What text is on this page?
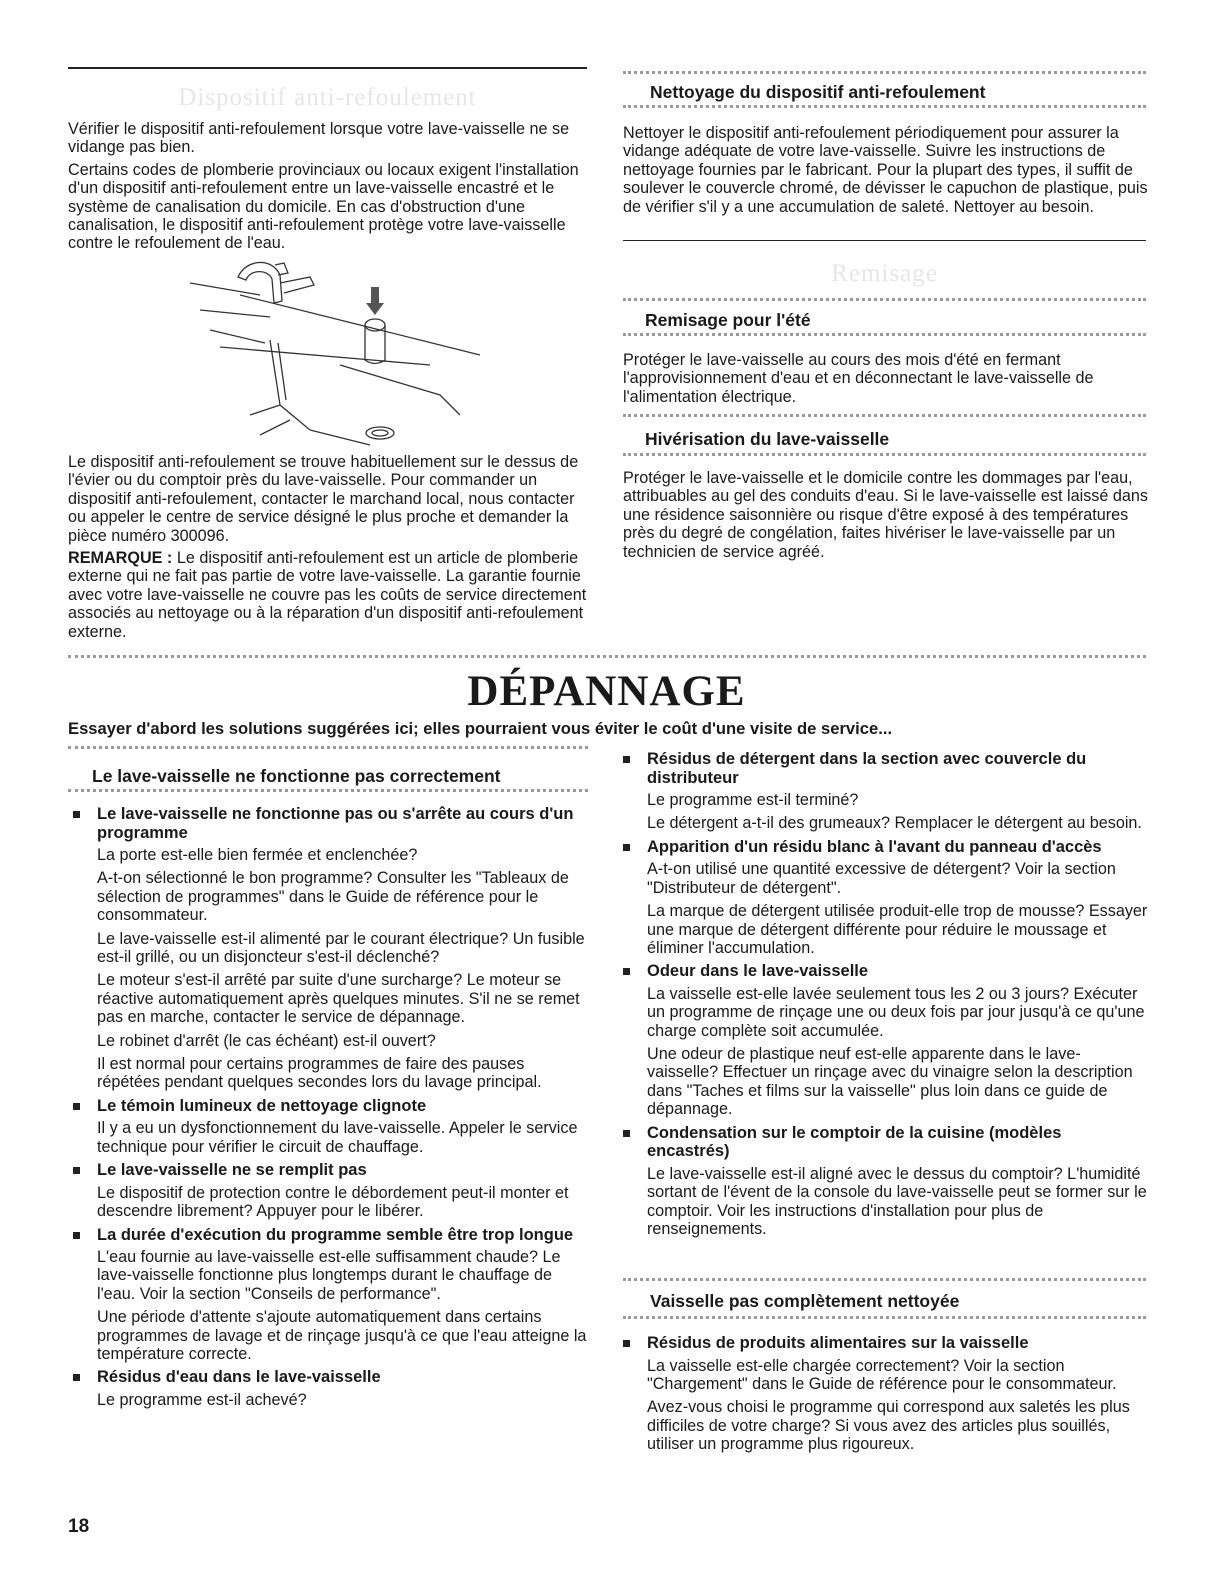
Dispositif anti-refoulement

Vérifier le dispositif anti-refoulement lorsque votre lave-vaisselle ne se vidange pas bien.

Certains codes de plomberie provinciaux ou locaux exigent l'installation d'un dispositif anti-refoulement entre un lave-vaisselle encastré et le système de canalisation du domicile. En cas d'obstruction d'une canalisation, le dispositif anti-refoulement protège votre lave-vaisselle contre le refoulement de l'eau.

Le dispositif anti-refoulement se trouve habituellement sur le dessus de l'évier ou du comptoir près du lave-vaisselle. Pour commander un dispositif anti-refoulement, contacter le marchand local, nous contacter ou appeler le centre de service désigné le plus proche et demander la pièce numéro 300096.

REMARQUE : Le dispositif anti-refoulement est un article de plomberie externe qui ne fait pas partie de votre lave-vaisselle. La garantie fournie avec votre lave-vaisselle ne couvre pas les coûts de service directement associés au nettoyage ou à la réparation d'un dispositif anti-refoulement externe.

Nettoyage du dispositif anti-refoulement
Nettoyer le dispositif anti-refoulement périodiquement pour assurer la vidange adéquate de votre lave-vaisselle. Suivre les instructions de nettoyage fournies par le fabricant. Pour la plupart des types, il suffit de soulever le couvercle chromé, de dévisser le capuchon de plastique, puis de vérifier s'il y a une accumulation de saleté. Nettoyer au besoin.
Remisage
Remisage pour l'été
Protéger le lave-vaisselle au cours des mois d'été en fermant l'approvisionnement d'eau et en déconnectant le lave-vaisselle de l'alimentation électrique.
Hivérisation du lave-vaisselle
Protéger le lave-vaisselle et le domicile contre les dommages par l'eau, attribuables au gel des conduits d'eau. Si le lave-vaisselle est laissé dans une résidence saisonnière ou risque d'être exposé à des températures près du degré de congélation, faites hivériser le lave-vaisselle par un technicien de service agréé.
DÉPANNAGE
Essayer d'abord les solutions suggérées ici; elles pourraient vous éviter le coût d'une visite de service...
Le lave-vaisselle ne fonctionne pas correctement
Le lave-vaisselle ne fonctionne pas ou s'arrête au cours d'un programme

La porte est-elle bien fermée et enclenchée?

A-t-on sélectionné le bon programme? Consulter les "Tableaux de sélection de programmes" dans le Guide de référence pour le consommateur.

Le lave-vaisselle est-il alimenté par le courant électrique? Un fusible est-il grillé, ou un disjoncteur s'est-il déclenché?

Le moteur s'est-il arrêté par suite d'une surcharge? Le moteur se réactive automatiquement après quelques minutes. S'il ne se remet pas en marche, contacter le service de dépannage.

Le robinet d'arrêt (le cas échéant) est-il ouvert?

Il est normal pour certains programmes de faire des pauses répétées pendant quelques secondes lors du lavage principal.

Le témoin lumineux de nettoyage clignote

Il y a eu un dysfonctionnement du lave-vaisselle. Appeler le service technique pour vérifier le circuit de chauffage.

Le lave-vaisselle ne se remplit pas

Le dispositif de protection contre le débordement peut-il monter et descendre librement? Appuyer pour le libérer.

La durée d'exécution du programme semble être trop longue

L'eau fournie au lave-vaisselle est-elle suffisamment chaude? Le lave-vaisselle fonctionne plus longtemps durant le chauffage de l'eau. Voir la section "Conseils de performance".

Une période d'attente s'ajoute automatiquement dans certains programmes de lavage et de rinçage jusqu'à ce que l'eau atteigne la température correcte.

Résidus d'eau dans le lave-vaisselle

Le programme est-il achevé?

Résidus de détergent dans la section avec couvercle du distributeur

Le programme est-il terminé?

Le détergent a-t-il des grumeaux? Remplacer le détergent au besoin.

Apparition d'un résidu blanc à l'avant du panneau d'accès

A-t-on utilisé une quantité excessive de détergent? Voir la section "Distributeur de détergent".

La marque de détergent utilisée produit-elle trop de mousse? Essayer une marque de détergent différente pour réduire le moussage et éliminer l'accumulation.

Odeur dans le lave-vaisselle

La vaisselle est-elle lavée seulement tous les 2 ou 3 jours? Exécuter un programme de rinçage une ou deux fois par jour jusqu'à ce qu'une charge complète soit accumulée.

Une odeur de plastique neuf est-elle apparente dans le lave-vaisselle? Effectuer un rinçage avec du vinaigre selon la description dans "Taches et films sur la vaisselle" plus loin dans ce guide de dépannage.

Condensation sur le comptoir de la cuisine (modèles encastrés)

Le lave-vaisselle est-il aligné avec le dessus du comptoir? L'humidité sortant de l'évent de la console du lave-vaisselle peut se former sur le comptoir. Voir les instructions d'installation pour plus de renseignements.

Vaisselle pas complètement nettoyée
Résidus de produits alimentaires sur la vaisselle

La vaisselle est-elle chargée correctement? Voir la section "Chargement" dans le Guide de référence pour le consommateur.

Avez-vous choisi le programme qui correspond aux saletés les plus difficiles de votre charge? Si vous avez des articles plus souillés, utiliser un programme plus rigoureux.

18
